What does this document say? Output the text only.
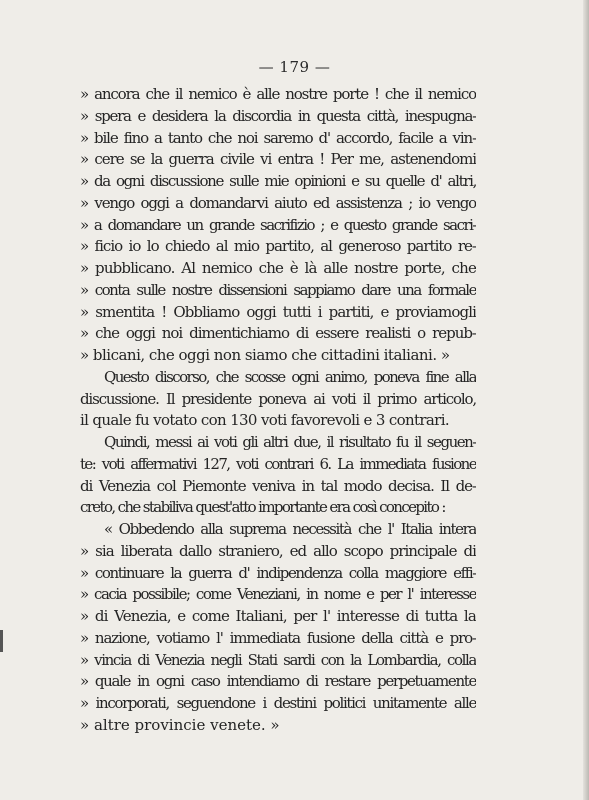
— 179 —
» ancora che il nemico è alle nostre porte ! che il nemico
» spera e desidera la discordia in questa città, inespugna-
» bile fino a tanto che noi saremo d' accordo, facile a vin-
» cere se la guerra civile vi entra ! Per me, astenendomi
» da ogni discussione sulle mie opinioni e su quelle d' altri,
» vengo oggi a domandarvi aiuto ed assistenza ; io vengo
» a domandare un grande sacrifizio ; e questo grande sacri-
» ficio io lo chiedo al mio partito, al generoso partito re-
» pubblicano. Al nemico che è là alle nostre porte, che
» conta sulle nostre dissensioni sappiamo dare una formale
» smentita ! Obbliamo oggi tutti i partiti, e proviamogli
» che oggi noi dimentichiamo di essere realisti o repub-
» blicani, che oggi non siamo che cittadini italiani. »
Questo discorso, che scosse ogni animo, poneva fine alla
discussione. Il presidente poneva ai voti il primo articolo,
il quale fu votato con 130 voti favorevoli e 3 contrari.
Quindi, messi ai voti gli altri due, il risultato fu il seguen-
te: voti affermativi 127, voti contrari 6. La immediata fusione
di Venezia col Piemonte veniva in tal modo decisa. Il de-
creto, che stabiliva quest'atto importante era così concepito :
« Obbedendo alla suprema necessità che l' Italia intera
» sia liberata dallo straniero, ed allo scopo principale di
» continuare la guerra d' indipendenza colla maggiore effi-
» cacia possibile; come Veneziani, in nome e per l' interesse
» di Venezia, e come Italiani, per l' interesse di tutta la
» nazione, votiamo l' immediata fusione della città e pro-
» vincia di Venezia negli Stati sardi con la Lombardia, colla
» quale in ogni caso intendiamo di restare perpetuamente
» incorporati, seguendone i destini politici unitamente alle
» altre provincie venete. »
